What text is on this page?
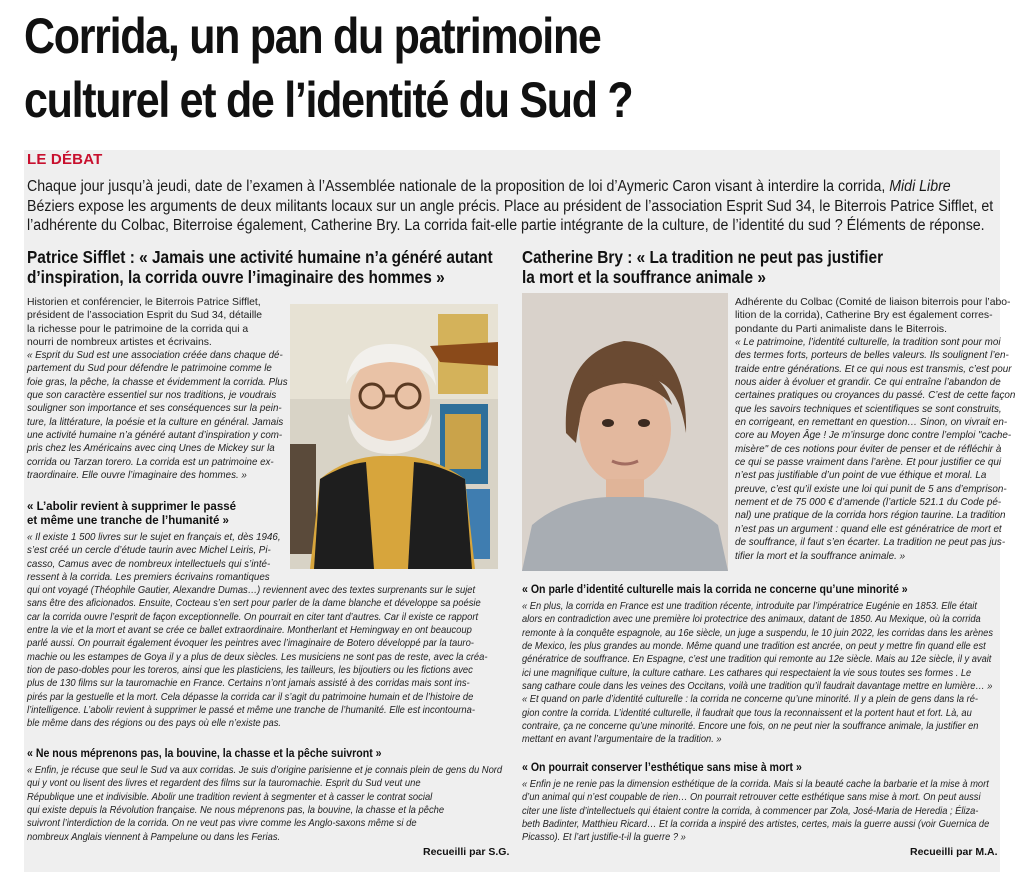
Corrida, un pan du patrimoine
culturel et de l’identité du Sud ?
LE DÉBAT
Chaque jour jusqu’à jeudi, date de l’examen à l’Assemblée nationale de la proposition de loi d’Aymeric Caron visant à interdire la corrida, Midi Libre
Béziers expose les arguments de deux militants locaux sur un angle précis. Place au président de l’association Esprit Sud 34, le Biterrois Patrice Sifflet, et
l’adhérente du Colbac, Biterroise également, Catherine Bry. La corrida fait-elle partie intégrante de la culture, de l’identité du sud ? Éléments de réponse.
Patrice Sifflet : « Jamais une activité humaine n’a généré autant
d’inspiration, la corrida ouvre l’imaginaire des hommes »
Historien et conférencier, le Biterrois Patrice Sifflet,
président de l’association Esprit du Sud 34, détaille
la richesse pour le patrimoine de la corrida qui a
nourri de nombreux artistes et écrivains.
« Esprit du Sud est une association créée dans chaque dé-
partement du Sud pour défendre le patrimoine comme le
foie gras, la pêche, la chasse et évidemment la corrida. Plus
que son caractère essentiel sur nos traditions, je voudrais
souligner son importance et ses conséquences sur la pein-
ture, la littérature, la poésie et la culture en général. Jamais
une activité humaine n’a généré autant d’inspiration y com-
pris chez les Américains avec cinq Unes de Mickey sur la
corrida ou Tarzan torero. La corrida est un patrimoine ex-
traordinaire. Elle ouvre l’imaginaire des hommes. »
« L’abolir revient à supprimer le passé
et même une tranche de l’humanité »
« Il existe 1 500 livres sur le sujet en français et, dès 1946,
s’est créé un cercle d’étude taurin avec Michel Leiris, Pi-
casso, Camus avec de nombreux intellectuels qui s’inté-
ressent à la corrida. Les premiers écrivains romantiques
qui ont voyagé (Théophile Gautier, Alexandre Dumas…) reviennent avec des textes surprenants sur le sujet
sans être des aficionados. Ensuite, Cocteau s’en sert pour parler de la dame blanche et développe sa poésie
car la corrida ouvre l’esprit de façon exceptionnelle. On pourrait en citer tant d’autres. Car il existe ce rapport
entre la vie et la mort et avant se crée ce ballet extraordinaire. Montherlant et Hemingway en ont beaucoup
parlé aussi. On pourrait également évoquer les peintres avec l’imaginaire de Botero développé par la tauro-
machie ou les estampes de Goya il y a plus de deux siècles. Les musiciens ne sont pas de reste, avec la créa-
tion de paso-dobles pour les toreros, ainsi que les plasticiens, les tailleurs, les bijoutiers ou les fictions avec
plus de 130 films sur la tauromachie en France. Certains n’ont jamais assisté à des corridas mais sont ins-
pirés par la gestuelle et la mort. Cela dépasse la corrida car il s’agit du patrimoine humain et de l’histoire de
l’intelligence. L’abolir revient à supprimer le passé et même une tranche de l’humanité. Elle est incontourna-
ble même dans des régions ou des pays où elle n’existe pas.
« Ne nous méprenons pas, la bouvine, la chasse et la pêche suivront »
« Enfin, je récuse que seul le Sud va aux corridas. Je suis d’origine parisienne et je connais plein de gens du Nord
qui y vont ou lisent des livres et regardent des films sur la tauromachie. Esprit du Sud veut une
République une et indivisible. Abolir une tradition revient à segmenter et à casser le contrat social
qui existe depuis la Révolution française. Ne nous méprenons pas, la bouvine, la chasse et la pêche
suivront l’interdiction de la corrida. On ne veut pas vivre comme les Anglo-saxons même si de
nombreux Anglais viennent à Pampelune ou dans les Ferias.
Recueilli par S.G.
Catherine Bry : « La tradition ne peut pas justifier
la mort et la souffrance animale »
Adhérente du Colbac (Comité de liaison biterrois pour l’abo-
lition de la corrida), Catherine Bry est également corres-
pondante du Parti animaliste dans le Biterrois.
« Le patrimoine, l’identité culturelle, la tradition sont pour moi
des termes forts, porteurs de belles valeurs. Ils soulignent l’en-
traide entre générations. Et ce qui nous est transmis, c’est pour
nous aider à évoluer et grandir. Ce qui entraîne l’abandon de
certaines pratiques ou croyances du passé. C’est de cette façon
que les savoirs techniques et scientifiques se sont construits,
en corrigeant, en remettant en question… Sinon, on vivrait en-
core au Moyen Âge ! Je m’insurge donc contre l’emploi "cache-
misère" de ces notions pour éviter de penser et de réfléchir à
ce qui se passe vraiment dans l’arène. Et pour justifier ce qui
n’est pas justifiable d’un point de vue éthique et moral. La
preuve, c’est qu’il existe une loi qui punit de 5 ans d’emprison-
nement et de 75 000 € d’amende (l’article 521.1 du Code pé-
nal) une pratique de la corrida hors région taurine. La tradition
n’est pas un argument : quand elle est génératrice de mort et
de souffrance, il faut s’en écarter. La tradition ne peut pas jus-
tifier la mort et la souffrance animale. »
« On parle d’identité culturelle mais la corrida ne concerne qu’une minorité »
« En plus, la corrida en France est une tradition récente, introduite par l’impératrice Eugénie en 1853. Elle était
alors en contradiction avec une première loi protectrice des animaux, datant de 1850. Au Mexique, où la corrida
remonte à la conquête espagnole, au 16e siècle, un juge a suspendu, le 10 juin 2022, les corridas dans les arènes
de Mexico, les plus grandes au monde. Même quand une tradition est ancrée, on peut y mettre fin quand elle est
génératrice de souffrance. En Espagne, c’est une tradition qui remonte au 12e siècle. Mais au 12e siècle, il y avait
ici une magnifique culture, la culture cathare. Les cathares qui respectaient la vie sous toutes ses formes . Le
sang cathare coule dans les veines des Occitans, voilà une tradition qu’il faudrait davantage mettre en lumière… »
« Et quand on parle d’identité culturelle : la corrida ne concerne qu’une minorité. Il y a plein de gens dans la ré-
gion contre la corrida. L’identité culturelle, il faudrait que tous la reconnaissent et la portent haut et fort. Là, au
contraire, ça ne concerne qu’une minorité. Encore une fois, on ne peut nier la souffrance animale, la justifier en
mettant en avant l’argumentaire de la tradition. »
« On pourrait conserver l’esthétique sans mise à mort »
« Enfin je ne renie pas la dimension esthétique de la corrida. Mais si la beauté cache la barbarie et la mise à mort
d’un animal qui n’est coupable de rien… On pourrait retrouver cette esthétique sans mise à mort. On peut aussi
citer une liste d’intellectuels qui étaient contre la corrida, à commencer par Zola, José-Maria de Heredia ; Éliza-
beth Badinter, Matthieu Ricard… Et la corrida a inspiré des artistes, certes, mais la guerre aussi (voir Guernica de
Picasso). Et l’art justifie-t-il la guerre ? »
Recueilli par M.A.
